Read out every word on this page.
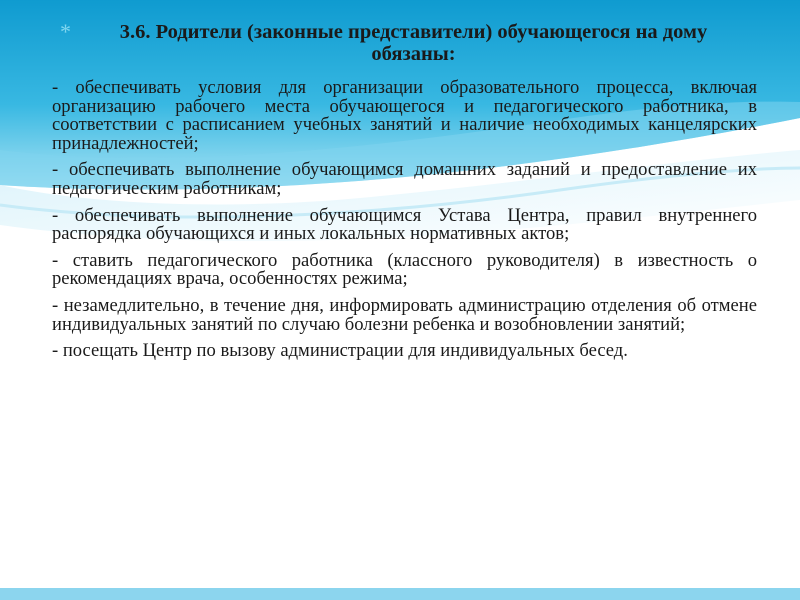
* 3.6. Родители (законные представители) обучающегося на дому обязаны:

- обеспечивать условия для организации образовательного процесса, включая организацию рабочего места обучающегося и педагогического работника, в соответствии с расписанием учебных занятий и наличие необходимых канцелярских принадлежностей;

- обеспечивать выполнение обучающимся домашних заданий и предоставление их педагогическим работникам;

- обеспечивать выполнение обучающимся Устава Центра, правил внутреннего распорядка обучающихся и иных локальных нормативных актов;

- ставить педагогического работника (классного руководителя) в известность о рекомендациях врача, особенностях режима;

- незамедлительно, в течение дня, информировать администрацию отделения об отмене индивидуальных занятий по случаю болезни ребенка и возобновлении занятий;

- посещать Центр по вызову администрации для индивидуальных бесед.
